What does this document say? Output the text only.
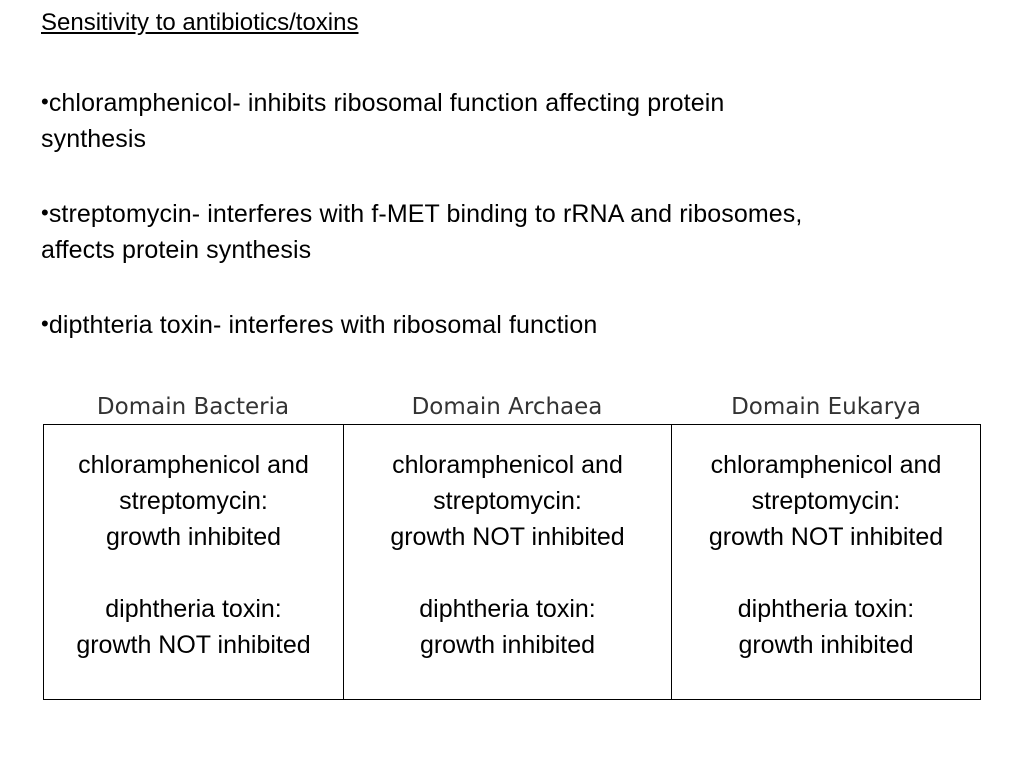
Sensitivity to antibiotics/toxins
•chloramphenicol- inhibits ribosomal function affecting protein
synthesis
•streptomycin- interferes with f-MET binding to rRNA and ribosomes,
affects protein synthesis
•dipthteria toxin- interferes with ribosomal function
Domain Bacteria	Domain Archaea	Domain Eukarya

chloramphenicol and
streptomycin:
growth inhibited

diphtheria toxin:
growth NOT inhibited

chloramphenicol and
streptomycin:
growth NOT inhibited

diphtheria toxin:
growth inhibited

chloramphenicol and
streptomycin:
growth NOT inhibited

diphtheria toxin:
growth inhibited
